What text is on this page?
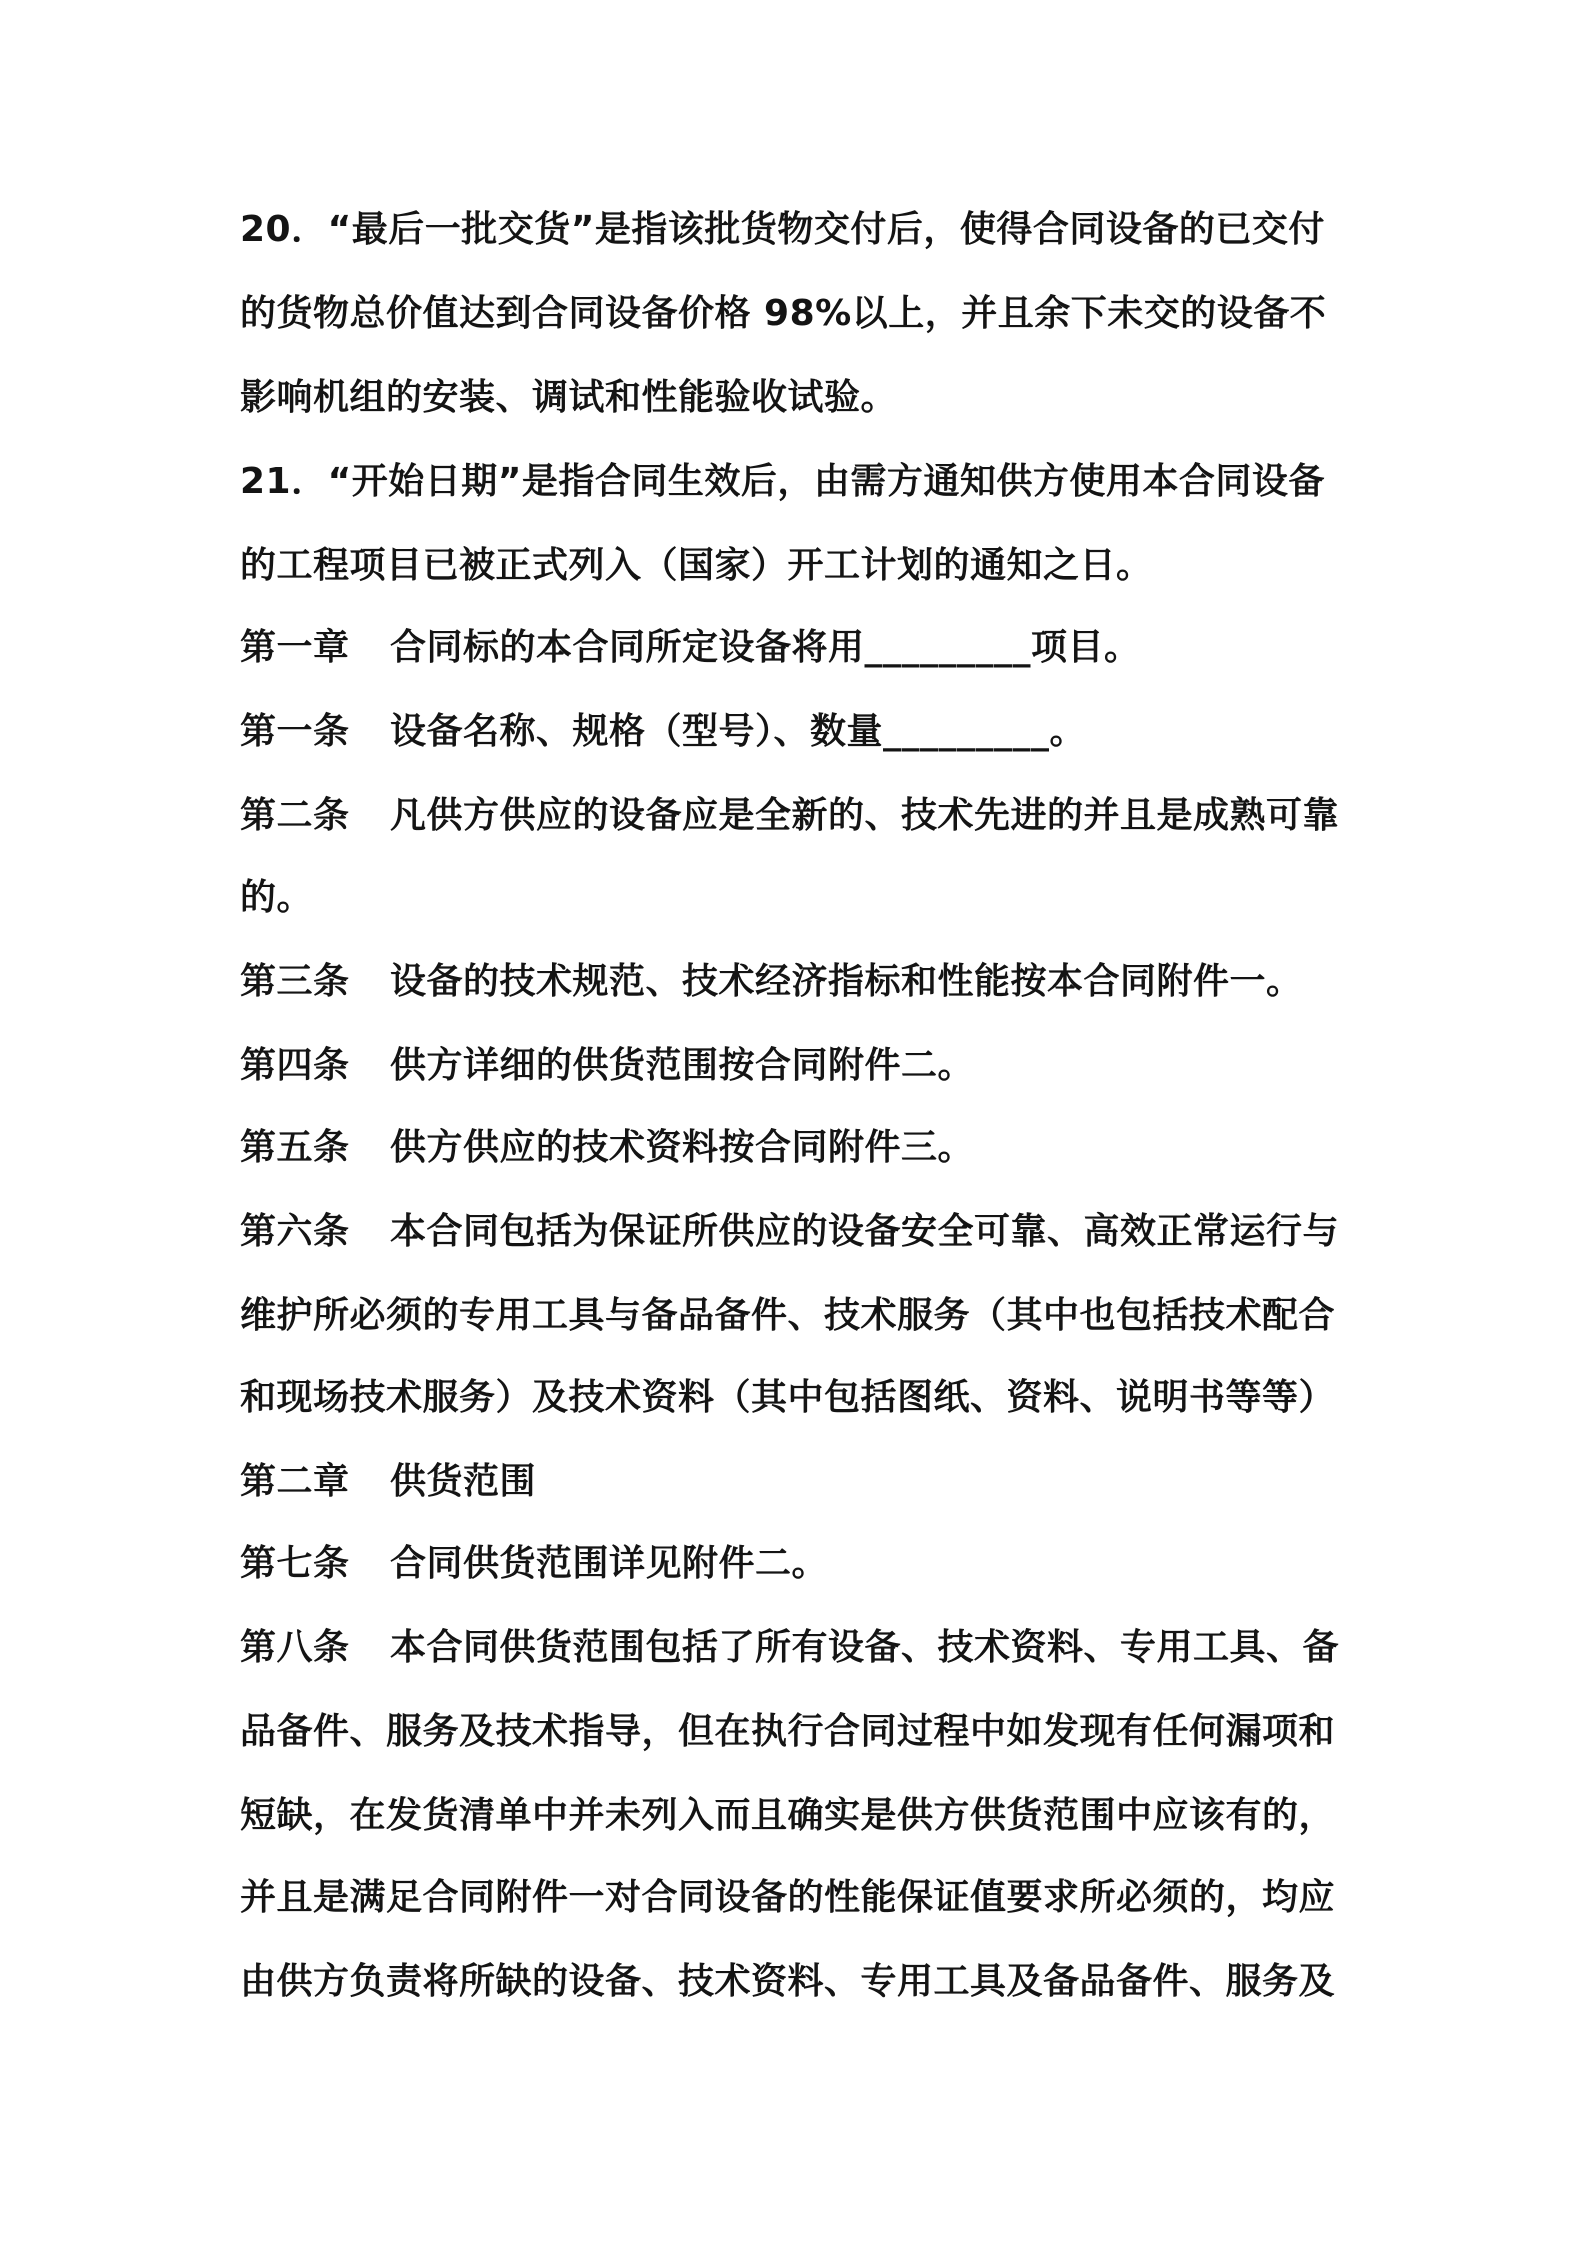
20．“最后一批交货”是指该批货物交付后，使得合同设备的已交付
的货物总价值达到合同设备价格 98%以上，并且余下未交的设备不
影响机组的安装、调试和性能验收试验。
21．“开始日期”是指合同生效后，由需方通知供方使用本合同设备
的工程项目已被正式列入（国家）开工计划的通知之日。
第一章 合同标的本合同所定设备将用_________项目。
第一条 设备名称、规格（型号）、数量_________。
第二条 凡供方供应的设备应是全新的、技术先进的并且是成熟可靠
的。
第三条 设备的技术规范、技术经济指标和性能按本合同附件一。
第四条 供方详细的供货范围按合同附件二。
第五条 供方供应的技术资料按合同附件三。
第六条 本合同包括为保证所供应的设备安全可靠、高效正常运行与
维护所必须的专用工具与备品备件、技术服务（其中也包括技术配合
和现场技术服务）及技术资料（其中包括图纸、资料、说明书等等）
第二章 供货范围
第七条 合同供货范围详见附件二。
第八条 本合同供货范围包括了所有设备、技术资料、专用工具、备
品备件、服务及技术指导，但在执行合同过程中如发现有任何漏项和
短缺，在发货清单中并未列入而且确实是供方供货范围中应该有的，
并且是满足合同附件一对合同设备的性能保证值要求所必须的，均应
由供方负责将所缺的设备、技术资料、专用工具及备品备件、服务及
